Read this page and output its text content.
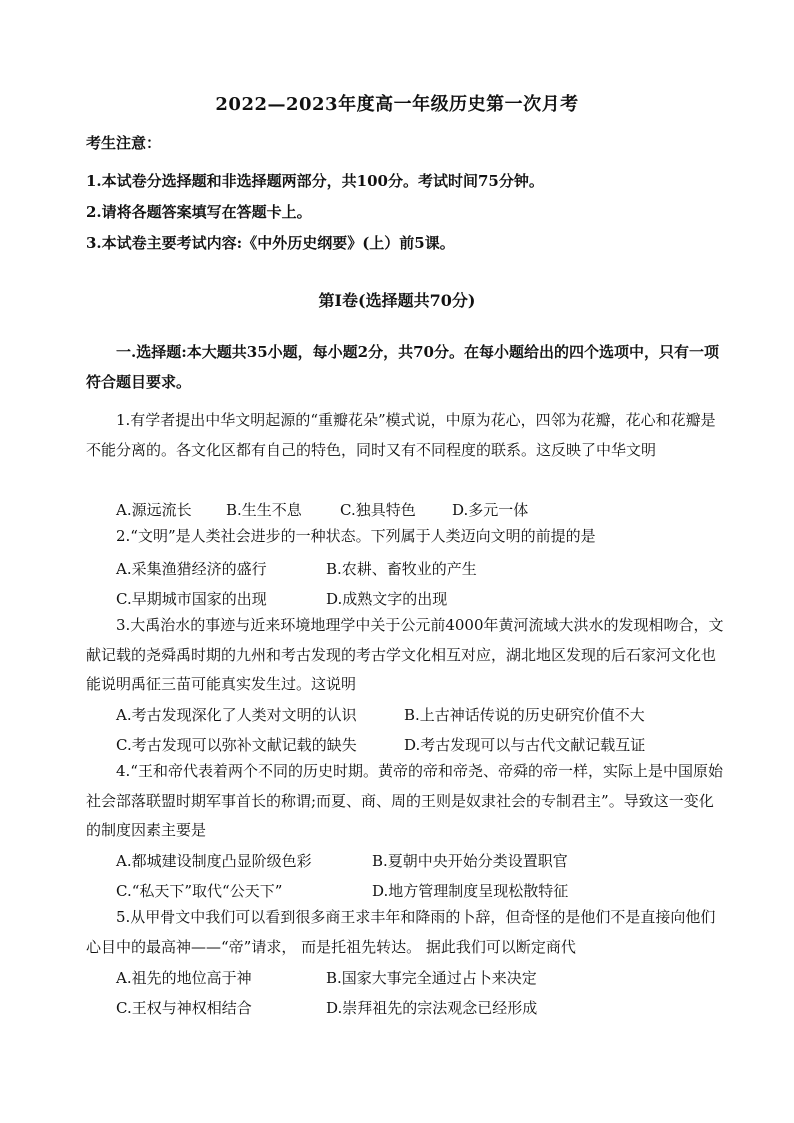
2022—2023年度高一年级历史第一次月考
考生注意：
1.本试卷分选择题和非选择题两部分，共100分。考试时间75分钟。
2.请将各题答案填写在答题卡上。
3.本试卷主要考试内容:《中外历史纲要》(上）前5课。
第Ⅰ卷(选择题共70分)
一.选择题:本大题共35小题，每小题2分，共70分。在每小题给出的四个选项中，只有一项符合题目要求。
1.有学者提出中华文明起源的“重瓣花朵”模式说，中原为花心，四邻为花瓣，花心和花瓣是不能分离的。各文化区都有自己的特色，同时又有不同程度的联系。这反映了中华文明
A.源远流长 B.生生不息	C.独具特色 D.多元一体
2.“文明”是人类社会进步的一种状态。下列属于人类迈向文明的前提的是
A.采集渔猎经济的盛行	B.农耕、畜牧业的产生
C.早期城市国家的出现	D.成熟文字的出现
3.大禹治水的事迹与近来环境地理学中关于公元前4000年黄河流域大洪水的发现相吻合，文献记载的尧舜禹时期的九州和考古发现的考古学文化相互对应，湖北地区发现的后石家河文化也能说明禹征三苗可能真实发生过。这说明
A.考古发现深化了人类对文明的认识	B.上古神话传说的历史研究价值不大
C.考古发现可以弥补文献记载的缺失	D.考古发现可以与古代文献记载互证
4.“王和帝代表着两个不同的历史时期。黄帝的帝和帝尧、帝舜的帝一样，实际上是中国原始社会部落联盟时期军事首长的称谓;而夏、商、周的王则是奴隶社会的专制君主”。导致这一变化的制度因素主要是
A.都城建设制度凸显阶级色彩	B.夏朝中央开始分类设置职官
C.“私天下”取代“公天下”	D.地方管理制度呈现松散特征
5.从甲骨文中我们可以看到很多商王求丰年和降雨的卜辞，但奇怪的是他们不是直接向他们心目中的最高神——“帝”请求， 而是托祖先转达。 据此我们可以断定商代
A.祖先的地位高于神	B.国家大事完全通过占卜来决定
C.王权与神权相结合	D.崇拜祖先的宗法观念已经形成
